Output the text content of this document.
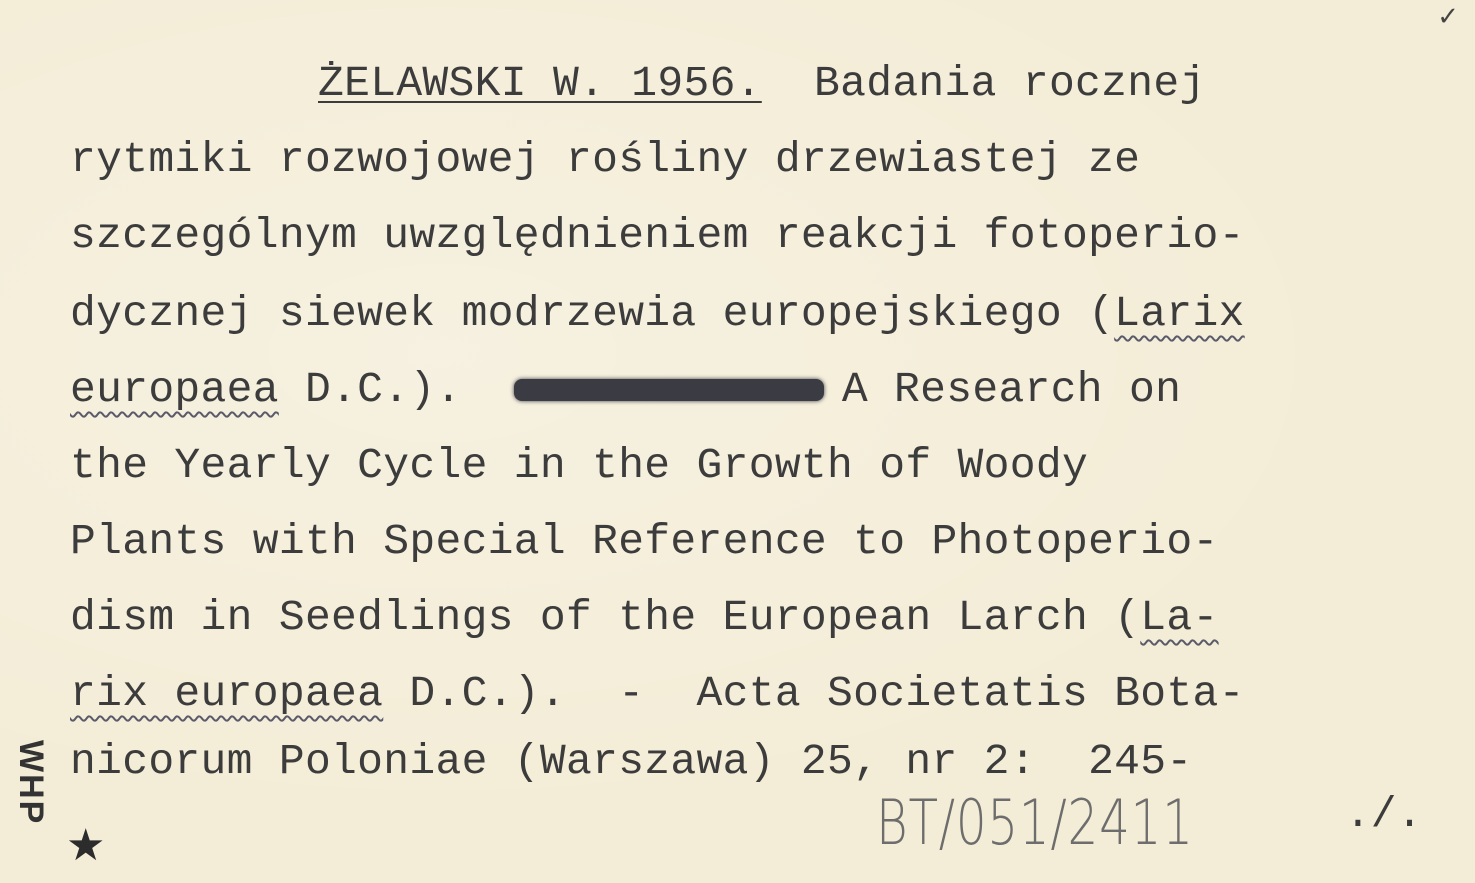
✓

ŻELAWSKI W. 1956. Badania rocznej

rytmiki rozwojowej rośliny drzewiastej ze

szczególnym uwzględnieniem reakcji fotoperio-

dycznej siewek modrzewia europejskiego (Larix

europaea D.C.).	A Research on

the Yearly Cycle in the Growth of Woody

Plants with Special Reference to Photoperio-

dism in Seedlings of the European Larch (La-

rix europaea D.C.).  -  Acta Societatis Bota-

nicorum Poloniae (Warszawa) 25, nr 2:  245-

BT/051/2411	./.
WHP
★
